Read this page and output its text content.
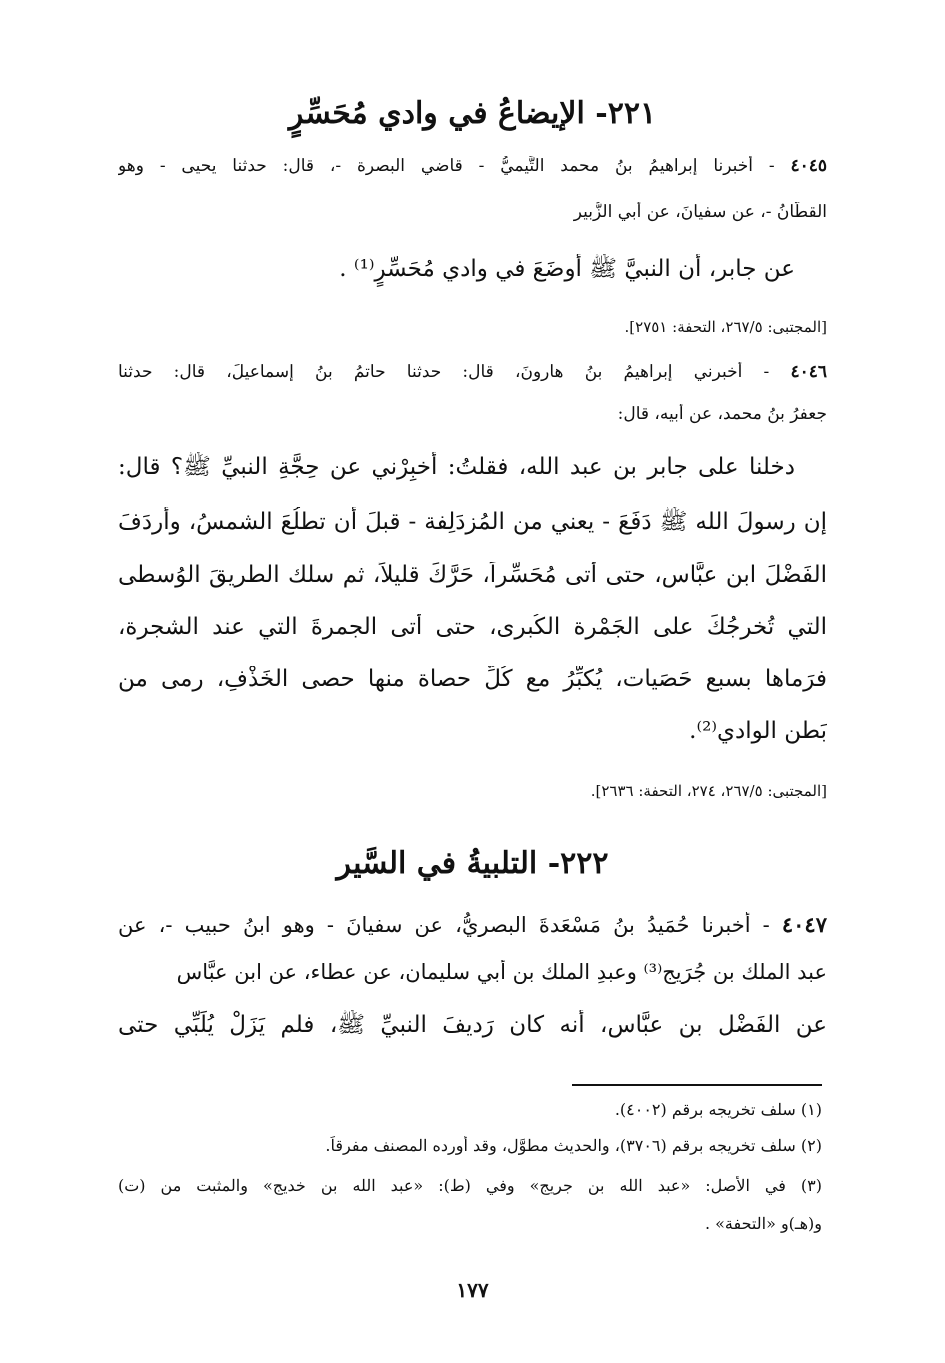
٢٢١- الإيضاعُ في وادي مُحَسِّرٍ
٤٠٤٥ - أخبرنا إبراهيمُ بنُ محمد التَّيميُّ - قاضي البصرة -، قال: حدثنا يحيى - وهو
القطَّانُ -، عن سفيانَ، عن أبي الزُّبير
عن جابر، أن النبيَّ ﷺ أوضَعَ في وادي مُحَسِّرٍ⁽¹⁾ .
[المجتبى: ٢٦٧/٥، التحفة: ٢٧٥١].
٤٠٤٦ - أخبرني إبراهيمُ بنُ هارونَ، قال: حدثنا حاتمُ بنُ إسماعيلَ، قال: حدثنا
جعفرُ بنُ محمد، عن أبيه، قال:
دخلنا على جابر بن عبد الله، فقلتُ: أخبِرْني عن حِجَّةِ النبيِّ ﷺ؟ قال:
إن رسولَ الله ﷺ دَفَعَ - يعني من المُزدَلِفة - قبلَ أن تطلُعَ الشمسُ، وأردَفَ
الفَضْلَ ابن عبَّاس، حتى أتى مُحَسِّراً، حَرَّكَ قليلاً، ثم سلك الطريقَ الوُسطى
التي تُخرِجُكَ على الجَمْرة الكُبرى، حتى أتى الجمرةَ التي عند الشجرة،
فرَماها بسبع حَصَيات، يُكبِّرُ مع كُلِّ حصاة منها حصى الخَذْفِ، رمى من
بَطن الوادي⁽²⁾.
[المجتبى: ٢٦٧/٥، ٢٧٤، التحفة: ٢٦٣٦].
٢٢٢- التلبيةُ في السَّير
٤٠٤٧ - أخبرنا حُمَيدُ بنُ مَسْعَدةَ البصريُّ، عن سفيانَ - وهو ابنُ حبيب -، عن
عبد الملك بن جُرَيج⁽³⁾ وعبدِ الملك بن أبي سليمان، عن عطاء، عن ابن عبَّاس
عن الفَضْل بن عبَّاس، أنه كان رَديفَ النبيِّ ﷺ، فلم يَزَلْ يُلَبِّي حتى
(١) سلف تخريجه برقم (٤٠٠٢).
(٢) سلف تخريجه برقم (٣٧٠٦)، والحديث مطوَّل، وقد أورده المصنف مفرقاً.
(٣) في الأصل: «عبد الله بن جريج» وفي (ط): «عبد الله بن خديج» والمثبت من (ت)
و(هـ)و «التحفة» .
١٧٧
